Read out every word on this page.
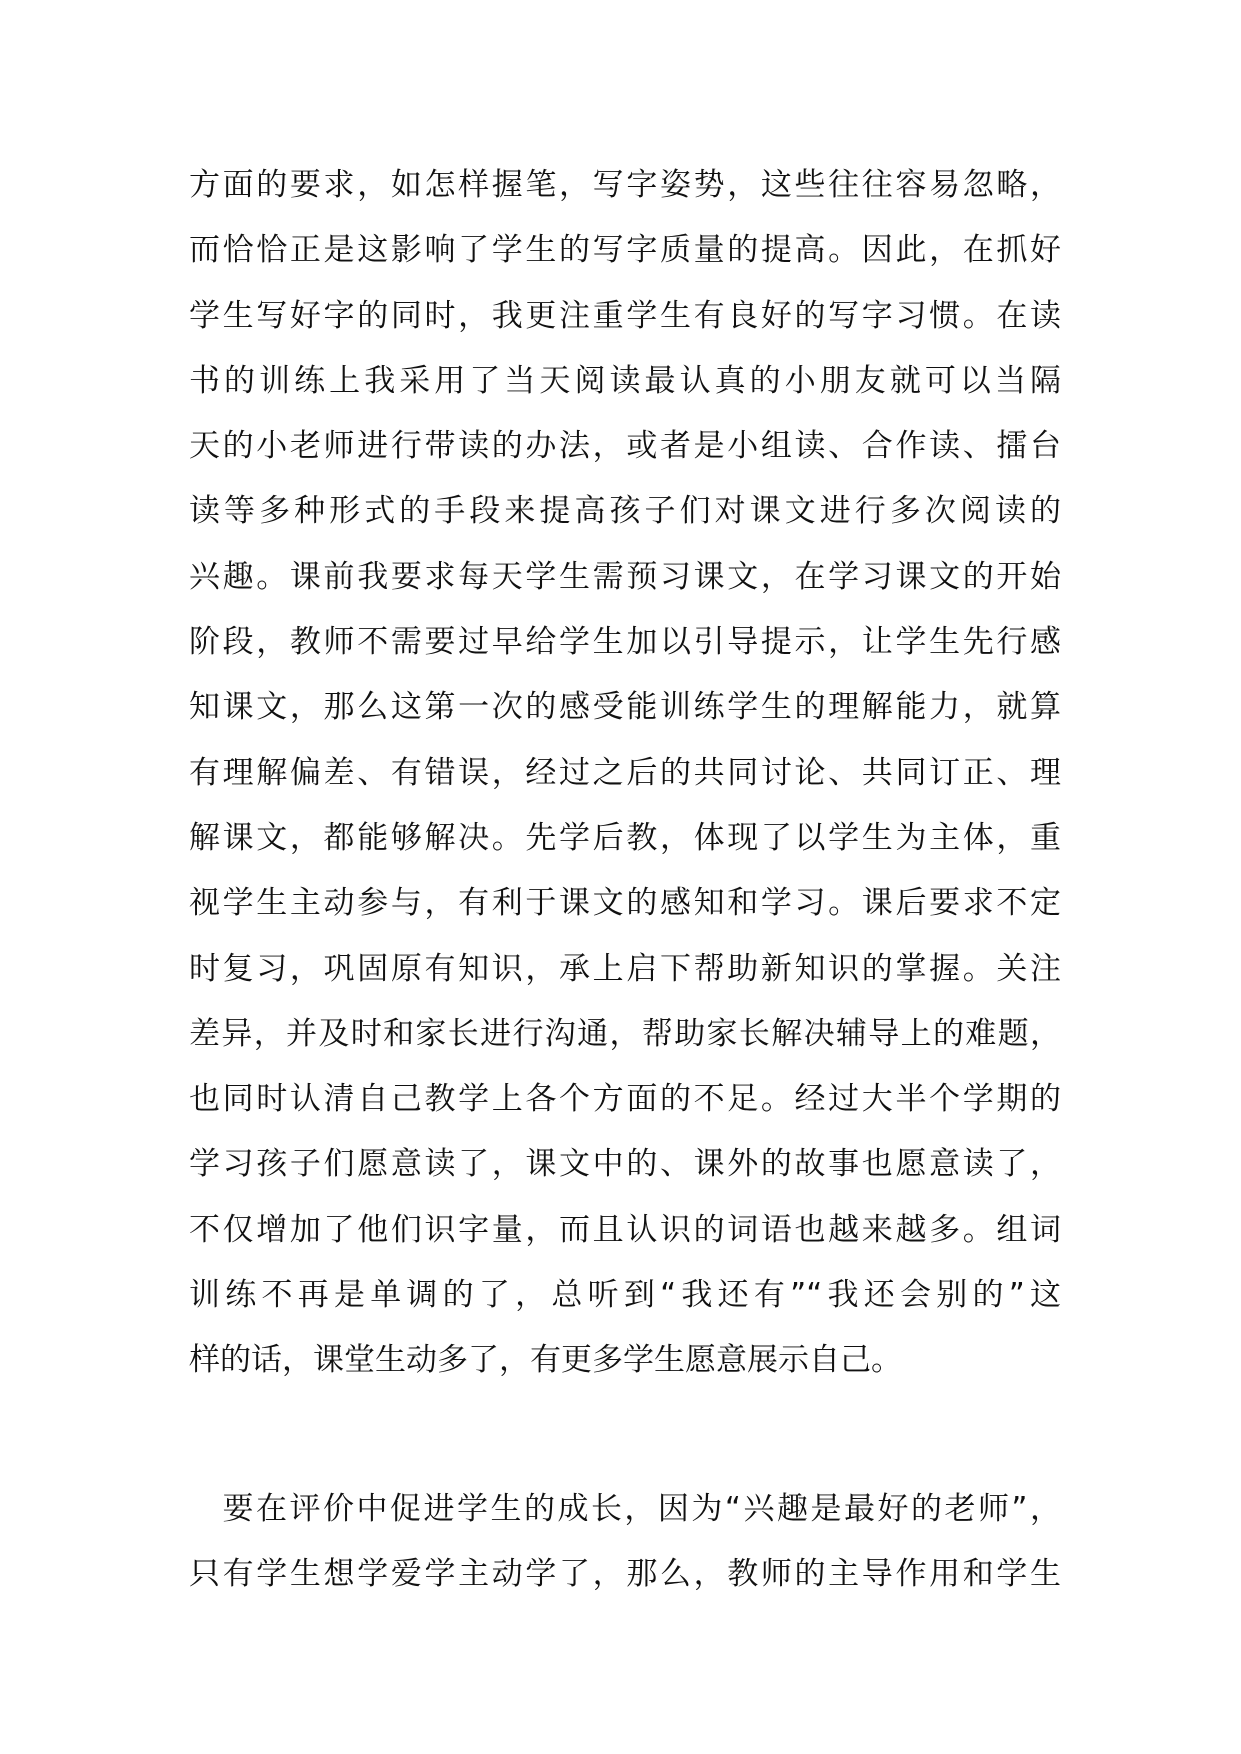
方面的要求，如怎样握笔，写字姿势，这些往往容易忽略，
而恰恰正是这影响了学生的写字质量的提高。因此，在抓好
学生写好字的同时，我更注重学生有良好的写字习惯。在读
书的训练上我采用了当天阅读最认真的小朋友就可以当隔
天的小老师进行带读的办法，或者是小组读、合作读、擂台
读等多种形式的手段来提高孩子们对课文进行多次阅读的
兴趣。课前我要求每天学生需预习课文，在学习课文的开始
阶段，教师不需要过早给学生加以引导提示，让学生先行感
知课文，那么这第一次的感受能训练学生的理解能力，就算
有理解偏差、有错误，经过之后的共同讨论、共同订正、理
解课文，都能够解决。先学后教，体现了以学生为主体，重
视学生主动参与，有利于课文的感知和学习。课后要求不定
时复习，巩固原有知识，承上启下帮助新知识的掌握。关注
差异，并及时和家长进行沟通，帮助家长解决辅导上的难题，
也同时认清自己教学上各个方面的不足。经过大半个学期的
学习孩子们愿意读了，课文中的、课外的故事也愿意读了，
不仅增加了他们识字量，而且认识的词语也越来越多。组词
训练不再是单调的了，总听到“我还有”“我还会别的”这
样的话，课堂生动多了，有更多学生愿意展示自己。
　要在评价中促进学生的成长，因为“兴趣是最好的老师”，
只有学生想学爱学主动学了，那么，教师的主导作用和学生
